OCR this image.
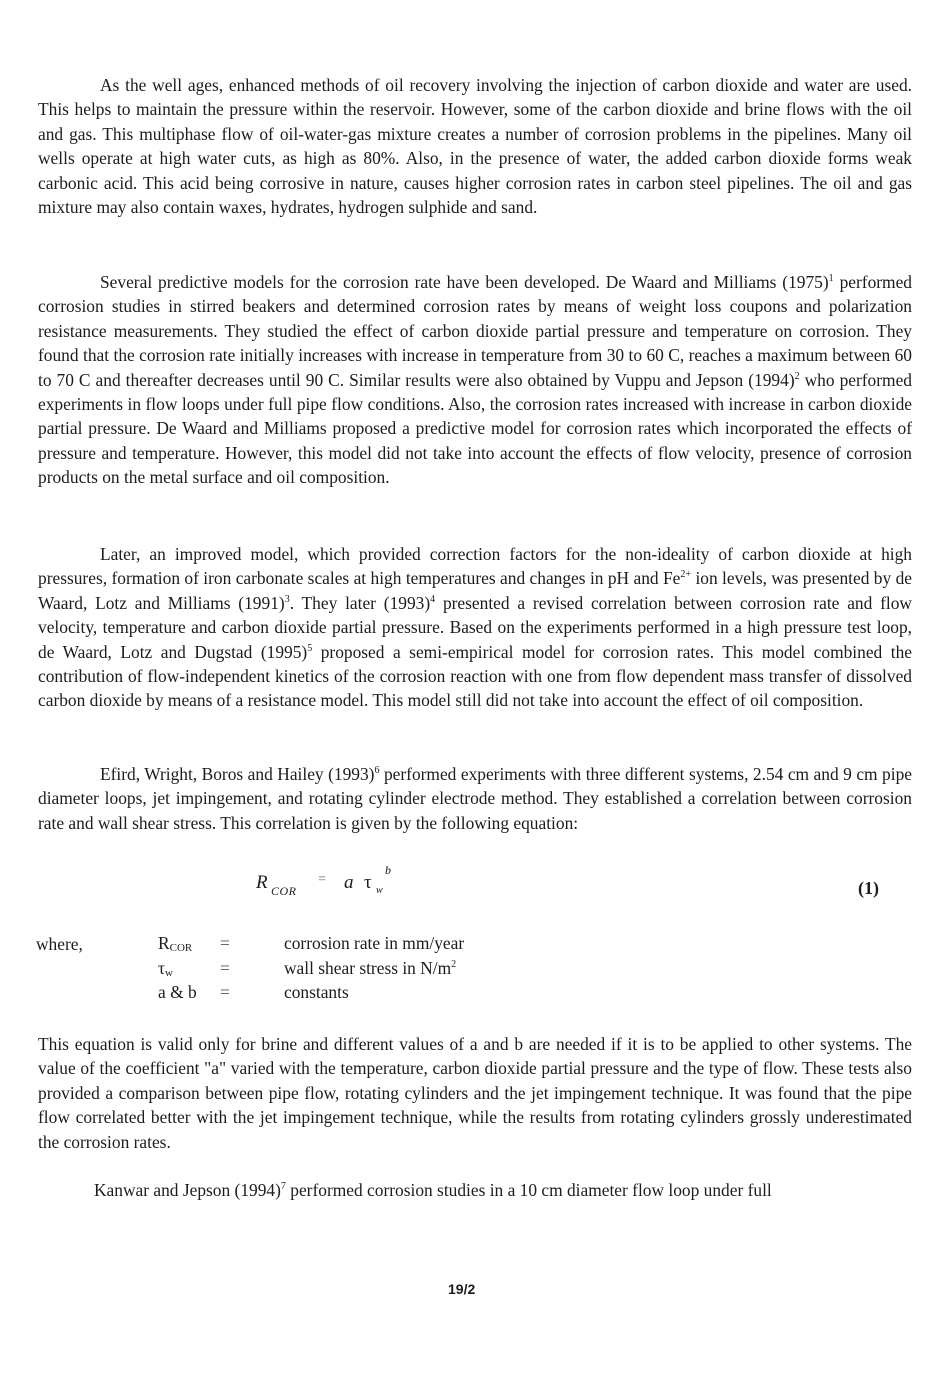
As the well ages, enhanced methods of oil recovery involving the injection of carbon dioxide and water are used. This helps to maintain the pressure within the reservoir. However, some of the carbon dioxide and brine flows with the oil and gas. This multiphase flow of oil-water-gas mixture creates a number of corrosion problems in the pipelines. Many oil wells operate at high water cuts, as high as 80%. Also, in the presence of water, the added carbon dioxide forms weak carbonic acid. This acid being corrosive in nature, causes higher corrosion rates in carbon steel pipelines. The oil and gas mixture may also contain waxes, hydrates, hydrogen sulphide and sand.

Several predictive models for the corrosion rate have been developed. De Waard and Milliams $(1975)^1$ performed corrosion studies in stirred beakers and determined corrosion rates by means of weight loss coupons and polarization resistance measurements. They studied the effect of carbon dioxide partial pressure and temperature on corrosion. They found that the corrosion rate initially increases with increase in temperature from 30 to 60 C, reaches a maximum between 60 to 70 C and thereafter decreases until 90 C. Similar results were also obtained by Vuppu and Jepson $(1994)^2$ who performed experiments in flow loops under full pipe flow conditions. Also, the corrosion rates increased with increase in carbon dioxide partial pressure. De Waard and Milliams proposed a predictive model for corrosion rates which incorporated the effects of pressure and temperature. However, this model did not take into account the effects of flow velocity, presence of corrosion products on the metal surface and oil composition.

Later, an improved model, which provided correction factors for the non-ideality of carbon dioxide at high pressures, formation of iron carbonate scales at high temperatures and changes in pH and $Fe^{2+}$ ion levels, was presented by de Waard, Lotz and Milliams $(1991)^3$. They later $(1993)^4$ presented a revised correlation between corrosion rate and flow velocity, temperature and carbon dioxide partial pressure. Based on the experiments performed in a high pressure test loop, de Waard, Lotz and Dugstad $(1995)^5$ proposed a semi-empirical model for corrosion rates. This model combined the contribution of flow-independent kinetics of the corrosion reaction with one from flow dependent mass transfer of dissolved carbon dioxide by means of a resistance model. This model still did not take into account the effect of oil composition.

Efird, Wright, Boros and Hailey $(1993)^6$ performed experiments with three different systems, 2.54 cm and 9 cm pipe diameter loops, jet impingement, and rotating cylinder electrode method. They established a correlation between corrosion rate and wall shear stress. This correlation is given by the following equation:

R COR
= a τ w
b
(1)
where,	RCOR =	corrosion rate in mm/year
τw	=	wall shear stress in $N/m^2$
a & b =	constants

This equation is valid only for brine and different values of a and b are needed if it is to be applied to other systems. The value of the coefficient "a" varied with the temperature, carbon dioxide partial pressure and the type of flow. These tests also provided a comparison between pipe flow, rotating cylinders and the jet impingement technique. It was found that the pipe flow correlated better with the jet impingement technique, while the results from rotating cylinders grossly underestimated the corrosion rates.

Kanwar and Jepson $(1994)^7$ performed corrosion studies in a 10 cm diameter flow loop under full

19/2
